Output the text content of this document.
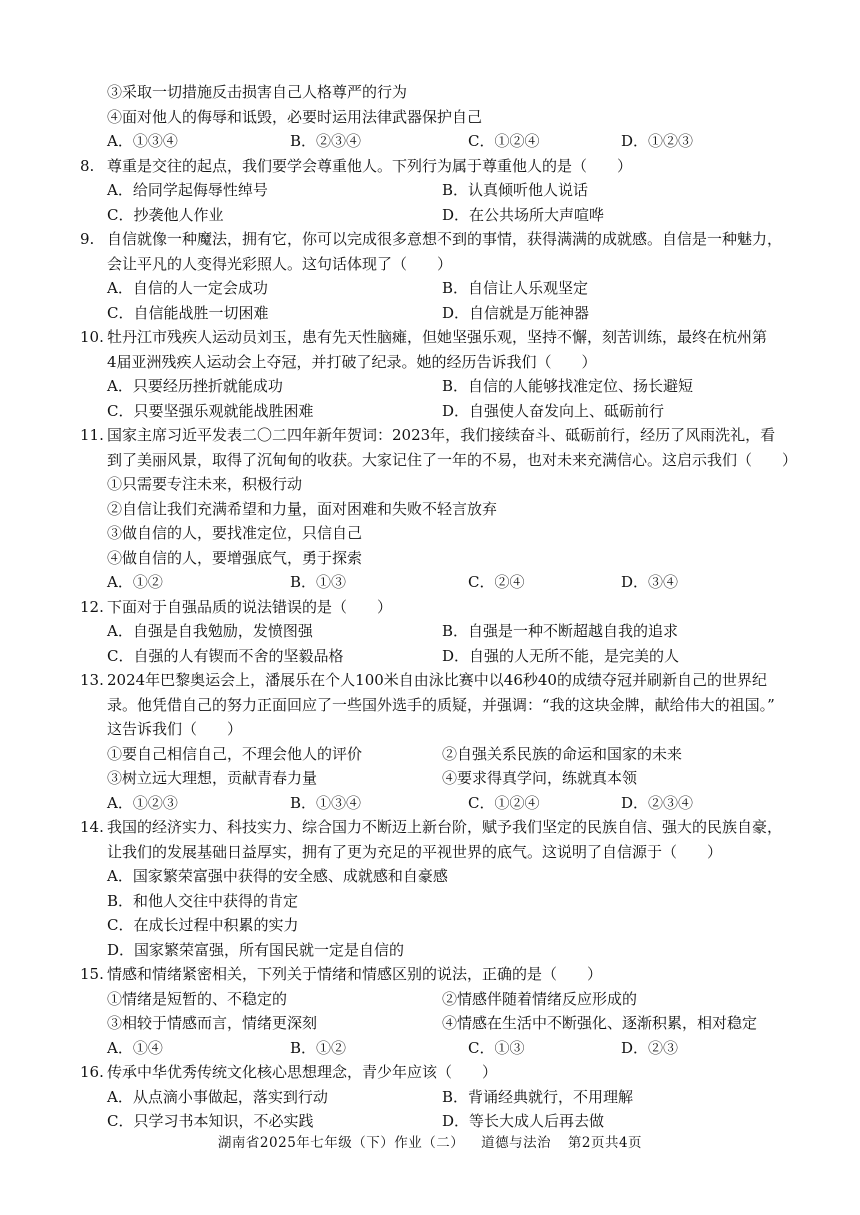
③采取一切措施反击损害自己人格尊严的行为
④面对他人的侮辱和诋毁，必要时运用法律武器保护自己
A．①③④	B．②③④	C．①②④	D．①②③
8. 尊重是交往的起点，我们要学会尊重他人。下列行为属于尊重他人的是（　　）
A．给同学起侮辱性绰号	B．认真倾听他人说话
C．抄袭他人作业	D．在公共场所大声喧哗
9. 自信就像一种魔法，拥有它，你可以完成很多意想不到的事情，获得满满的成就感。自信是一种魅力，
会让平凡的人变得光彩照人。这句话体现了（　　）
A．自信的人一定会成功	B．自信让人乐观坚定
C．自信能战胜一切困难	D．自信就是万能神器
10. 牡丹江市残疾人运动员刘玉，患有先天性脑瘫，但她坚强乐观，坚持不懈，刻苦训练，最终在杭州第
4届亚洲残疾人运动会上夺冠，并打破了纪录。她的经历告诉我们（　　）
A．只要经历挫折就能成功	B．自信的人能够找准定位、扬长避短
C．只要坚强乐观就能战胜困难	D．自强使人奋发向上、砥砺前行
11. 国家主席习近平发表二〇二四年新年贺词：2023年，我们接续奋斗、砥砺前行，经历了风雨洗礼，看
到了美丽风景，取得了沉甸甸的收获。大家记住了一年的不易，也对未来充满信心。这启示我们（　　）
①只需要专注未来，积极行动
②自信让我们充满希望和力量，面对困难和失败不轻言放弃
③做自信的人，要找准定位，只信自己
④做自信的人，要增强底气，勇于探索
A．①②	B．①③	C．②④	D．③④
12. 下面对于自强品质的说法错误的是（　　）
A．自强是自我勉励，发愤图强	B．自强是一种不断超越自我的追求
C．自强的人有锲而不舍的坚毅品格	D．自强的人无所不能，是完美的人
13. 2024年巴黎奥运会上，潘展乐在个人100米自由泳比赛中以46秒40的成绩夺冠并刷新自己的世界纪
录。他凭借自己的努力正面回应了一些国外选手的质疑，并强调：“我的这块金牌，献给伟大的祖国。”
这告诉我们（　　）
①要自己相信自己，不理会他人的评价	②自强关系民族的命运和国家的未来
③树立远大理想，贡献青春力量	④要求得真学问，练就真本领
A．①②③	B．①③④	C．①②④	D．②③④
14. 我国的经济实力、科技实力、综合国力不断迈上新台阶，赋予我们坚定的民族自信、强大的民族自豪，
让我们的发展基础日益厚实，拥有了更为充足的平视世界的底气。这说明了自信源于（　　）
A．国家繁荣富强中获得的安全感、成就感和自豪感
B．和他人交往中获得的肯定
C．在成长过程中积累的实力
D．国家繁荣富强，所有国民就一定是自信的
15. 情感和情绪紧密相关，下列关于情绪和情感区别的说法，正确的是（　　）
①情绪是短暂的、不稳定的	②情感伴随着情绪反应形成的
③相较于情感而言，情绪更深刻	④情感在生活中不断强化、逐渐积累，相对稳定
A．①④	B．①②	C．①③	D．②③
16. 传承中华优秀传统文化核心思想理念，青少年应该（　　）
A．从点滴小事做起，落实到行动	B．背诵经典就行，不用理解
C．只学习书本知识，不必实践	D．等长大成人后再去做
湖南省2025年七年级（下）作业（二） 道德与法治 第2页共4页
